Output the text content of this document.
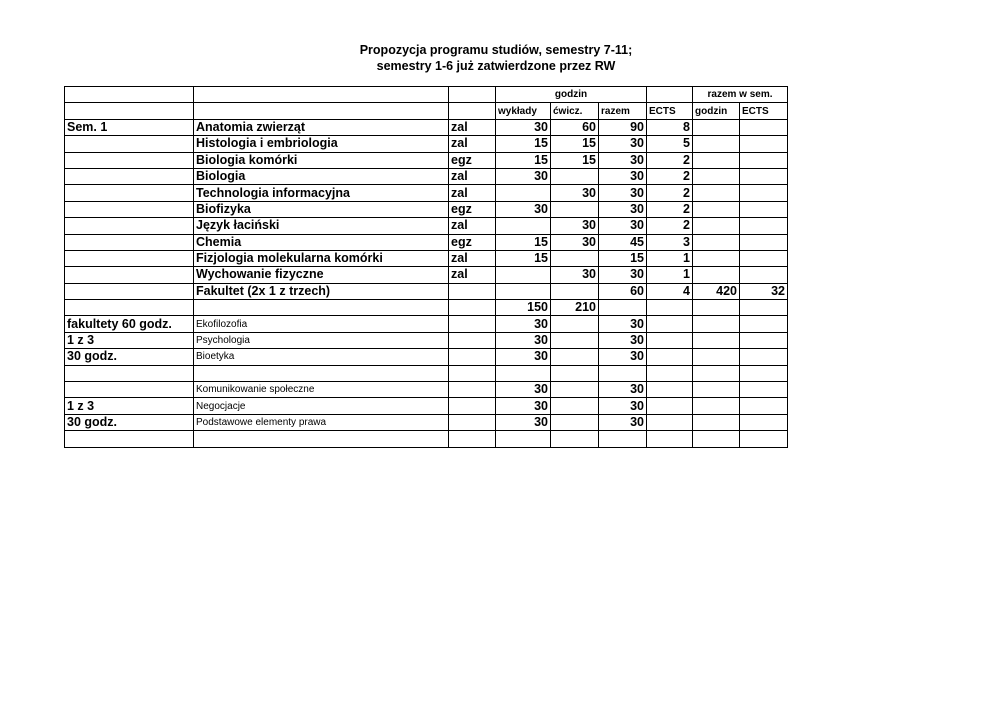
Propozycja programu studiów, semestry 7-11;
semestry 1-6 już zatwierdzone przez RW
			godzin				razem w sem.	
			wykłady	ćwicz.	razem	ECTS	godzin	ECTS
Sem. 1	Anatomia zwierząt	zal	30	60	90	8		
	Histologia i embriologia	zal	15	15	30	5		
	Biologia komórki	egz	15	15	30	2		
	Biologia	zal	30		30	2		
	Technologia informacyjna	zal		30	30	2		
	Biofizyka	egz	30		30	2		
	Język łaciński	zal		30	30	2		
	Chemia	egz	15	30	45	3		
	Fizjologia molekularna komórki	zal	15		15	1		
	Wychowanie fizyczne	zal		30	30	1		
	Fakultet (2x 1 z trzech)				60	4	420	32
			150	210				
fakultety 60 godz.	Ekofilozofia		30		30			
1 z 3	Psychologia		30		30			
30 godz.	Bioetyka		30		30			

	Komunikowanie społeczne		30		30			
1 z 3	Negocjacje		30		30			
30 godz.	Podstawowe elementy prawa		30		30			
